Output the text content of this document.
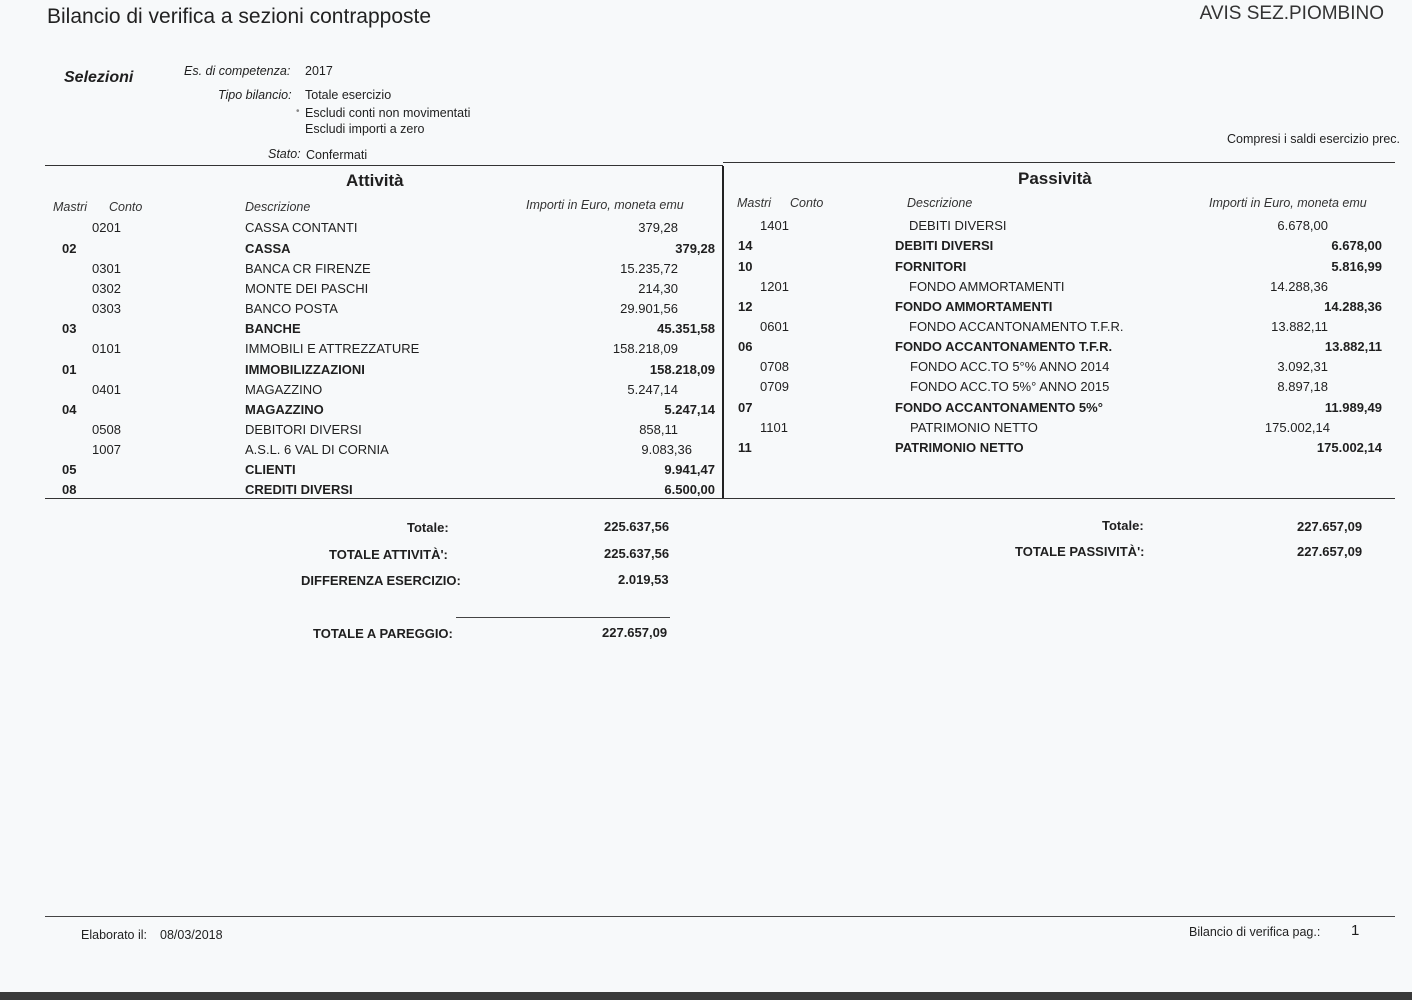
Bilancio di verifica a sezioni contrapposte	AVIS SEZ.PIOMBINO
Selezioni	Es. di competenza: 2017
Tipo bilancio: Totale esercizio
• Escludi conti non movimentati
Escludi importi a zero
Stato: Confermati
Compresi i saldi esercizio prec.
Attività
Mastri Conto	Descrizione	Importi in Euro, moneta emu
Passività
Mastri Conto	Descrizione	Importi in Euro, moneta emu
0201	CASSA CONTANTI	379,28
02	CASSA	379,28
0301	BANCA CR FIRENZE	15.235,72
0302	MONTE DEI PASCHI	214,30
0303	BANCO POSTA	29.901,56
03	BANCHE	45.351,58
0101	IMMOBILI E ATTREZZATURE	158.218,09
01	IMMOBILIZZAZIONI	158.218,09
0401	MAGAZZINO	5.247,14
04	MAGAZZINO	5.247,14
0508	DEBITORI DIVERSI	858,11
1007	A.S.L. 6 VAL DI CORNIA	9.083,36
05	CLIENTI	9.941,47
08	CREDITI DIVERSI	6.500,00
1401	DEBITI DIVERSI	6.678,00
14	DEBITI DIVERSI	6.678,00
10	FORNITORI	5.816,99
1201	FONDO AMMORTAMENTI	14.288,36
12	FONDO AMMORTAMENTI	14.288,36
0601	FONDO ACCANTONAMENTO T.F.R.	13.882,11
06	FONDO ACCANTONAMENTO T.F.R.	13.882,11
0708	FONDO ACC.TO 5°% ANNO 2014	3.092,31
0709	FONDO ACC.TO 5%° ANNO 2015	8.897,18
07	FONDO ACCANTONAMENTO 5%°	11.989,49
1101	PATRIMONIO NETTO	175.002,14
11	PATRIMONIO NETTO	175.002,14
Totale:	225.637,56
TOTALE ATTIVITÀ':	225.637,56
DIFFERENZA ESERCIZIO:	2.019,53
TOTALE A PAREGGIO:	227.657,09
Totale:	227.657,09
TOTALE PASSIVITÀ':	227.657,09
Elaborato il: 08/03/2018	Bilancio di verifica pag.: 1
